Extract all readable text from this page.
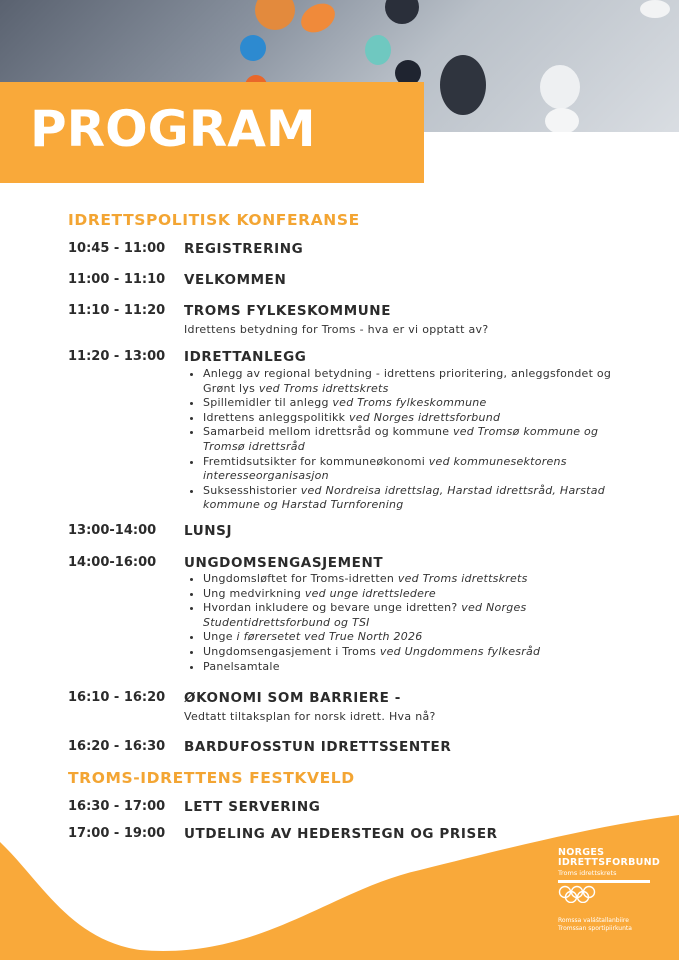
PROGRAM
IDRETTSPOLITISK KONFERANSE
10:45 - 11:00 REGISTRERING
11:00 - 11:10 VELKOMMEN
11:10 - 11:20 TROMS FYLKESKOMMUNE
Idrettens betydning for Troms - hva er vi opptatt av?
11:20 - 13:00 IDRETTANLEGG
• Anlegg av regional betydning - idrettens prioritering, anleggsfondet og Grønt lys ved Troms idrettskrets
• Spillemidler til anlegg ved Troms fylkeskommune
• Idrettens anleggspolitikk ved Norges idrettsforbund
• Samarbeid mellom idrettsråd og kommune ved Tromsø kommune og Tromsø idrettsråd
• Fremtidsutsikter for kommuneøkonomi ved kommunesektorens interesseorganisasjon
• Suksesshistorier ved Nordreisa idrettslag, Harstad idrettsråd, Harstad kommune og Harstad Turnforening
13:00-14:00 LUNSJ
14:00-16:00 UNGDOMSENGASJEMENT
• Ungdomsløftet for Troms-idretten ved Troms idrettskrets
• Ung medvirkning ved unge idrettsledere
• Hvordan inkludere og bevare unge idretten? ved Norges Studentidrettsforbund og TSI
• Unge i førersetet ved True North 2026
• Ungdomsengasjement i Troms ved Ungdommens fylkesråd
• Panelsamtale
16:10 - 16:20 ØKONOMI SOM BARRIERE -
Vedtatt tiltaksplan for norsk idrett. Hva nå?
16:20 - 16:30 BARDUFOSSTUN IDRETTSSENTER
TROMS-IDRETTENS FESTKVELD
16:30 - 17:00 LETT SERVERING
17:00 - 19:00 UTDELING AV HEDERSTEGN OG PRISER
NORGES
IDRETTSFORBUND
Troms idrettskrets
Romssa valáštallanbiire
Tromssan sportipiirkunta
